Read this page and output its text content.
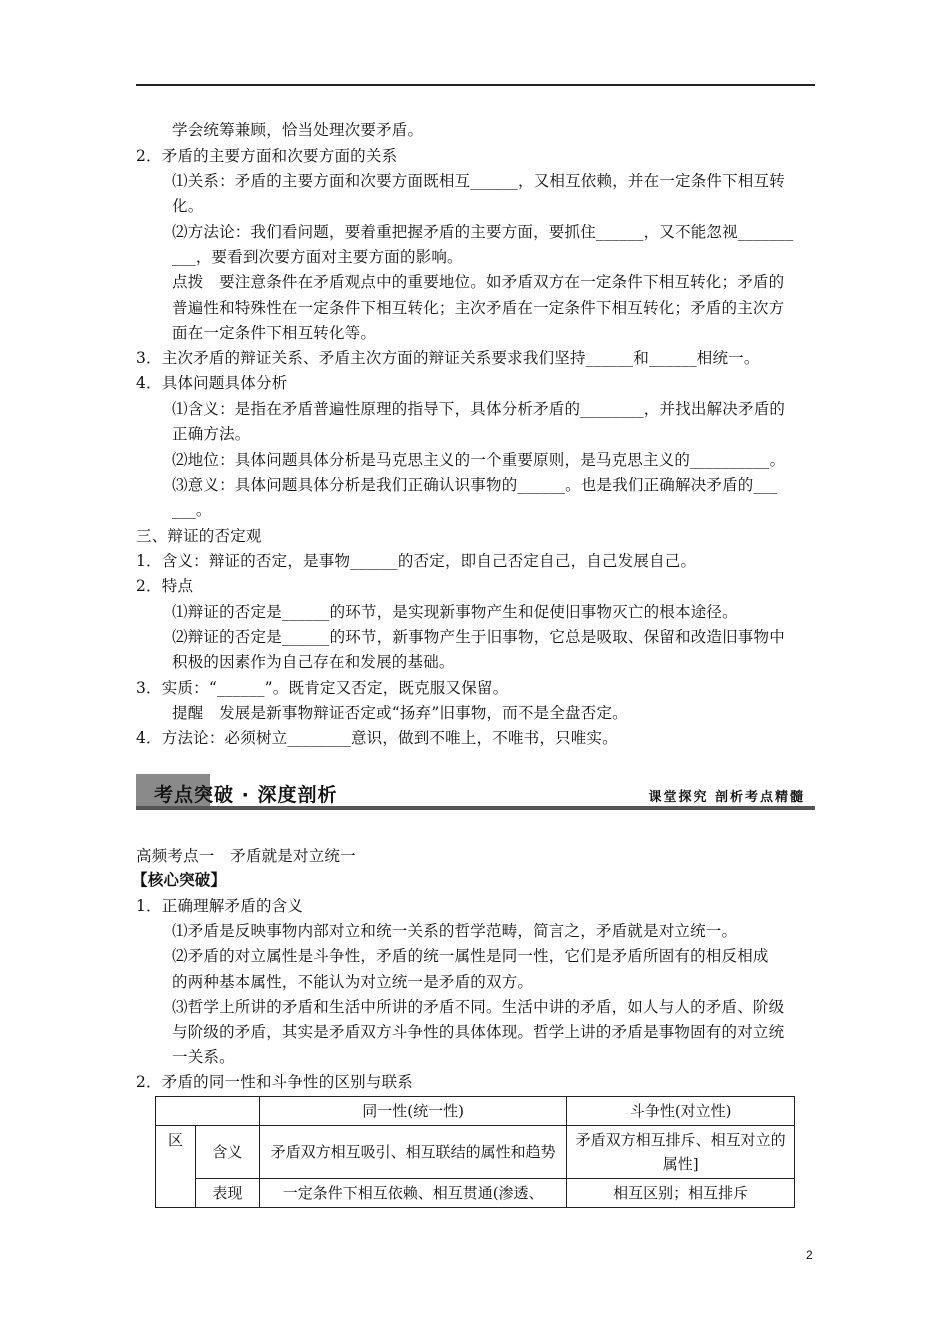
学会统筹兼顾，恰当处理次要矛盾。
2．矛盾的主要方面和次要方面的关系
⑴关系：矛盾的主要方面和次要方面既相互______，又相互依赖，并在一定条件下相互转
化。
⑵方法论：我们看问题，要着重把握矛盾的主要方面，要抓住______，又不能忽视_______
___，要看到次要方面对主要方面的影响。
点拨　要注意条件在矛盾观点中的重要地位。如矛盾双方在一定条件下相互转化；矛盾的
普遍性和特殊性在一定条件下相互转化；主次矛盾在一定条件下相互转化；矛盾的主次方
面在一定条件下相互转化等。
3．主次矛盾的辩证关系、矛盾主次方面的辩证关系要求我们坚持______和______相统一。
4．具体问题具体分析
⑴含义：是指在矛盾普遍性原理的指导下，具体分析矛盾的________，并找出解决矛盾的
正确方法。
⑵地位：具体问题具体分析是马克思主义的一个重要原则，是马克思主义的__________。
⑶意义：具体问题具体分析是我们正确认识事物的______。也是我们正确解决矛盾的___
___。
三、辩证的否定观
1．含义：辩证的否定，是事物______的否定，即自己否定自己，自己发展自己。
2．特点
⑴辩证的否定是______的环节，是实现新事物产生和促使旧事物灭亡的根本途径。
⑵辩证的否定是______的环节，新事物产生于旧事物，它总是吸取、保留和改造旧事物中
积极的因素作为自己存在和发展的基础。
3．实质：“______”。既肯定又否定，既克服又保留。
提醒　发展是新事物辩证否定或“扬弃”旧事物，而不是全盘否定。
4．方法论：必须树立________意识，做到不唯上，不唯书，只唯实。
考点突破 · 深度剖析	课堂探究 剖析考点精髓
高频考点一　矛盾就是对立统一
【核心突破】
1．正确理解矛盾的含义
⑴矛盾是反映事物内部对立和统一关系的哲学范畴，简言之，矛盾就是对立统一。
⑵矛盾的对立属性是斗争性，矛盾的统一属性是同一性，它们是矛盾所固有的相反相成
的两种基本属性，不能认为对立统一是矛盾的双方。
⑶哲学上所讲的矛盾和生活中所讲的矛盾不同。生活中讲的矛盾，如人与人的矛盾、阶级
与阶级的矛盾，其实是矛盾双方斗争性的具体体现。哲学上讲的矛盾是事物固有的对立统
一关系。
2．矛盾的同一性和斗争性的区别与联系
		同一性(统一性)	斗争性(对立性)
区	含义	矛盾双方相互吸引、相互联结的属性和趋势	矛盾双方相互排斥、相互对立的属性]
	表现	一定条件下相互依赖、相互贯通(渗透、	相互区别；相互排斥
2
